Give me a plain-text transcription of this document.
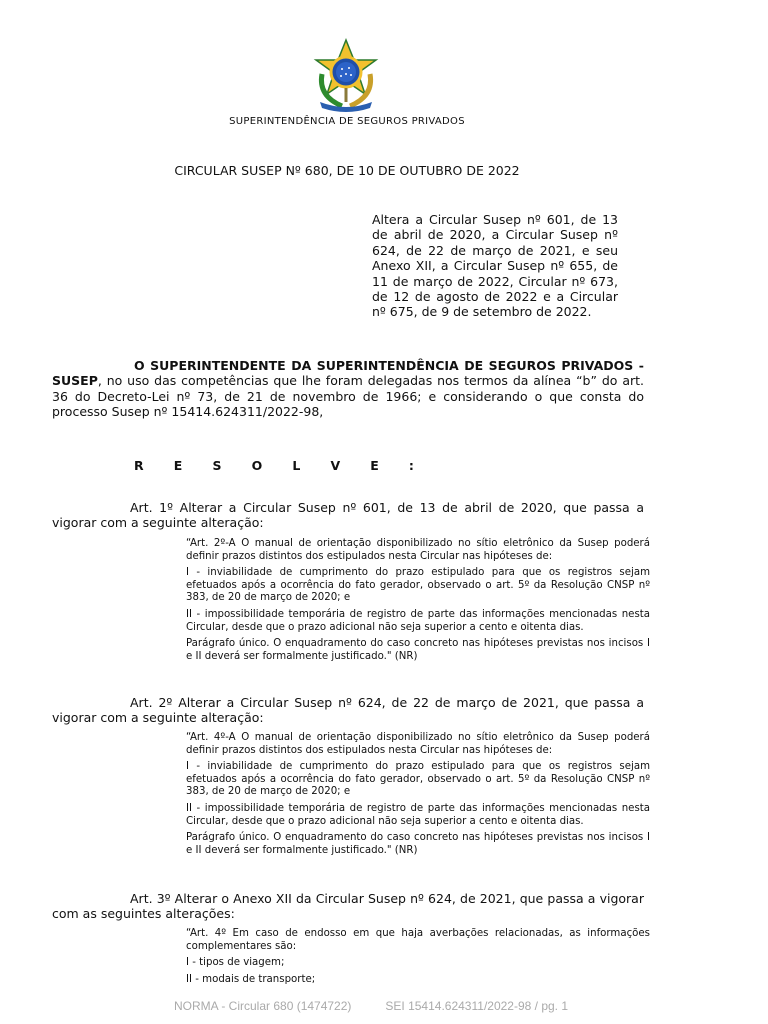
SUPERINTENDÊNCIA DE SEGUROS PRIVADOS
CIRCULAR SUSEP Nº 680, DE 10 DE OUTUBRO DE 2022
Altera a Circular Susep nº 601, de 13 de abril de 2020, a Circular Susep nº 624, de 22 de março de 2021, e seu Anexo XII, a Circular Susep nº 655, de 11 de março de 2022, Circular nº 673, de 12 de agosto de 2022 e a Circular nº 675, de 9 de setembro de 2022.
O SUPERINTENDENTE DA SUPERINTENDÊNCIA DE SEGUROS PRIVADOS - SUSEP, no uso das competências que lhe foram delegadas nos termos da alínea “b” do art. 36 do Decreto-Lei nº 73, de 21 de novembro de 1966; e considerando o que consta do processo Susep nº 15414.624311/2022-98,
R E S O L V E :
Art. 1º Alterar a Circular Susep nº 601, de 13 de abril de 2020, que passa a vigorar com a seguinte alteração:

“Art. 2º-A O manual de orientação disponibilizado no sítio eletrônico da Susep poderá definir prazos distintos dos estipulados nesta Circular nas hipóteses de:

I - inviabilidade de cumprimento do prazo estipulado para que os registros sejam efetuados após a ocorrência do fato gerador, observado o art. 5º da Resolução CNSP nº 383, de 20 de março de 2020; e

II - impossibilidade temporária de registro de parte das informações mencionadas nesta Circular, desde que o prazo adicional não seja superior a cento e oitenta dias.

Parágrafo único. O enquadramento do caso concreto nas hipóteses previstas nos incisos I e II deverá ser formalmente justificado." (NR)

Art. 2º Alterar a Circular Susep nº 624, de 22 de março de 2021, que passa a vigorar com a seguinte alteração:

“Art. 4º-A O manual de orientação disponibilizado no sítio eletrônico da Susep poderá definir prazos distintos dos estipulados nesta Circular nas hipóteses de:

I - inviabilidade de cumprimento do prazo estipulado para que os registros sejam efetuados após a ocorrência do fato gerador, observado o art. 5º da Resolução CNSP nº 383, de 20 de março de 2020; e

II - impossibilidade temporária de registro de parte das informações mencionadas nesta Circular, desde que o prazo adicional não seja superior a cento e oitenta dias.

Parágrafo único. O enquadramento do caso concreto nas hipóteses previstas nos incisos I e II deverá ser formalmente justificado." (NR)

Art. 3º Alterar o Anexo XII da Circular Susep nº 624, de 2021, que passa a vigorar com as seguintes alterações:

“Art. 4º Em caso de endosso em que haja averbações relacionadas, as informações complementares são:

I - tipos de viagem;

II - modais de transporte;

NORMA - Circular 680 (1474722)	SEI 15414.624311/2022-98 / pg. 1
